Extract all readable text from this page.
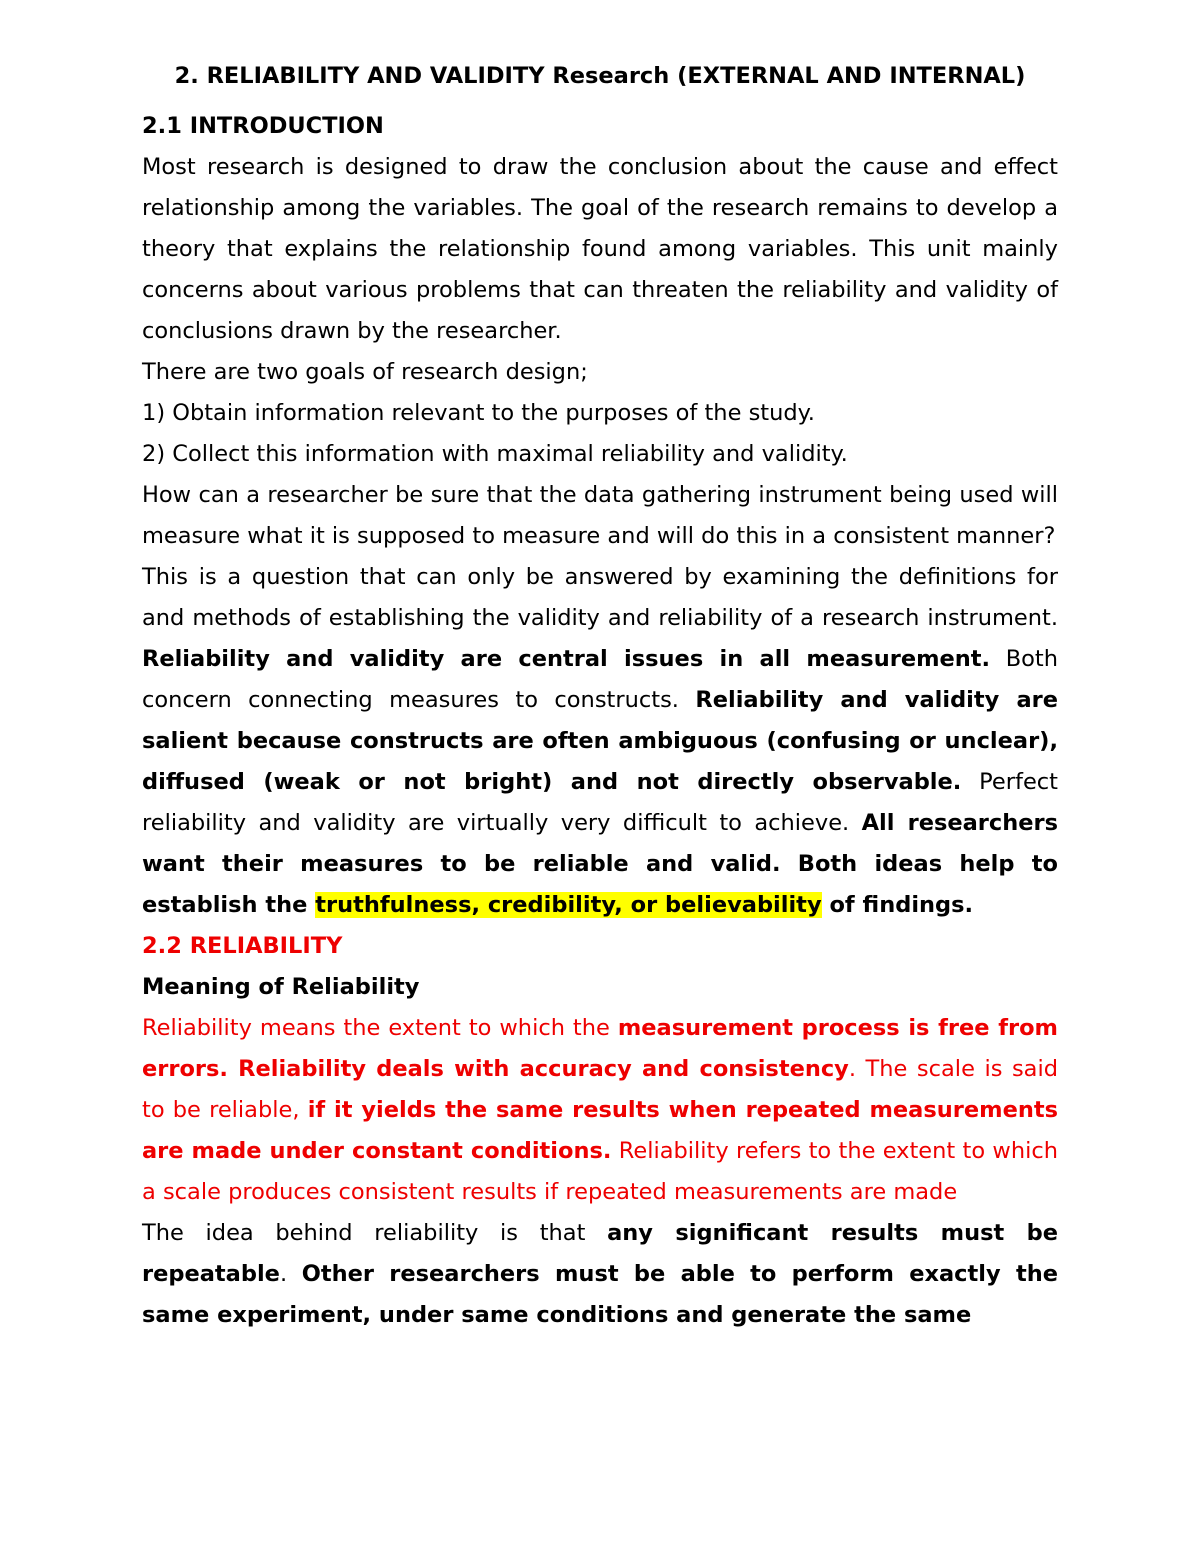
2. RELIABILITY AND VALIDITY Research (EXTERNAL AND INTERNAL)

2.1 INTRODUCTION

Most research is designed to draw the conclusion about the cause and effect relationship among the variables. The goal of the research remains to develop a theory that explains the relationship found among variables. This unit mainly concerns about various problems that can threaten the reliability and validity of conclusions drawn by the researcher.

There are two goals of research design;

1) Obtain information relevant to the purposes of the study.

2) Collect this information with maximal reliability and validity.

How can a researcher be sure that the data gathering instrument being used will measure what it is supposed to measure and will do this in a consistent manner?

This is a question that can only be answered by examining the definitions for and methods of establishing the validity and reliability of a research instrument. Reliability and validity are central issues in all measurement. Both concern connecting measures to constructs. Reliability and validity are salient because constructs are often ambiguous (confusing or unclear), diffused (weak or not bright) and not directly observable. Perfect reliability and validity are virtually very difficult to achieve. All researchers want their measures to be reliable and valid. Both ideas help to establish the truthfulness, credibility, or believability of findings.

2.2 RELIABILITY

Meaning of Reliability

Reliability means the extent to which the measurement process is free from errors. Reliability deals with accuracy and consistency. The scale is said to be reliable, if it yields the same results when repeated measurements are made under constant conditions. Reliability refers to the extent to which a scale produces consistent results if repeated measurements are made

The idea behind reliability is that any significant results must be repeatable. Other researchers must be able to perform exactly the same experiment, under same conditions and generate the same
